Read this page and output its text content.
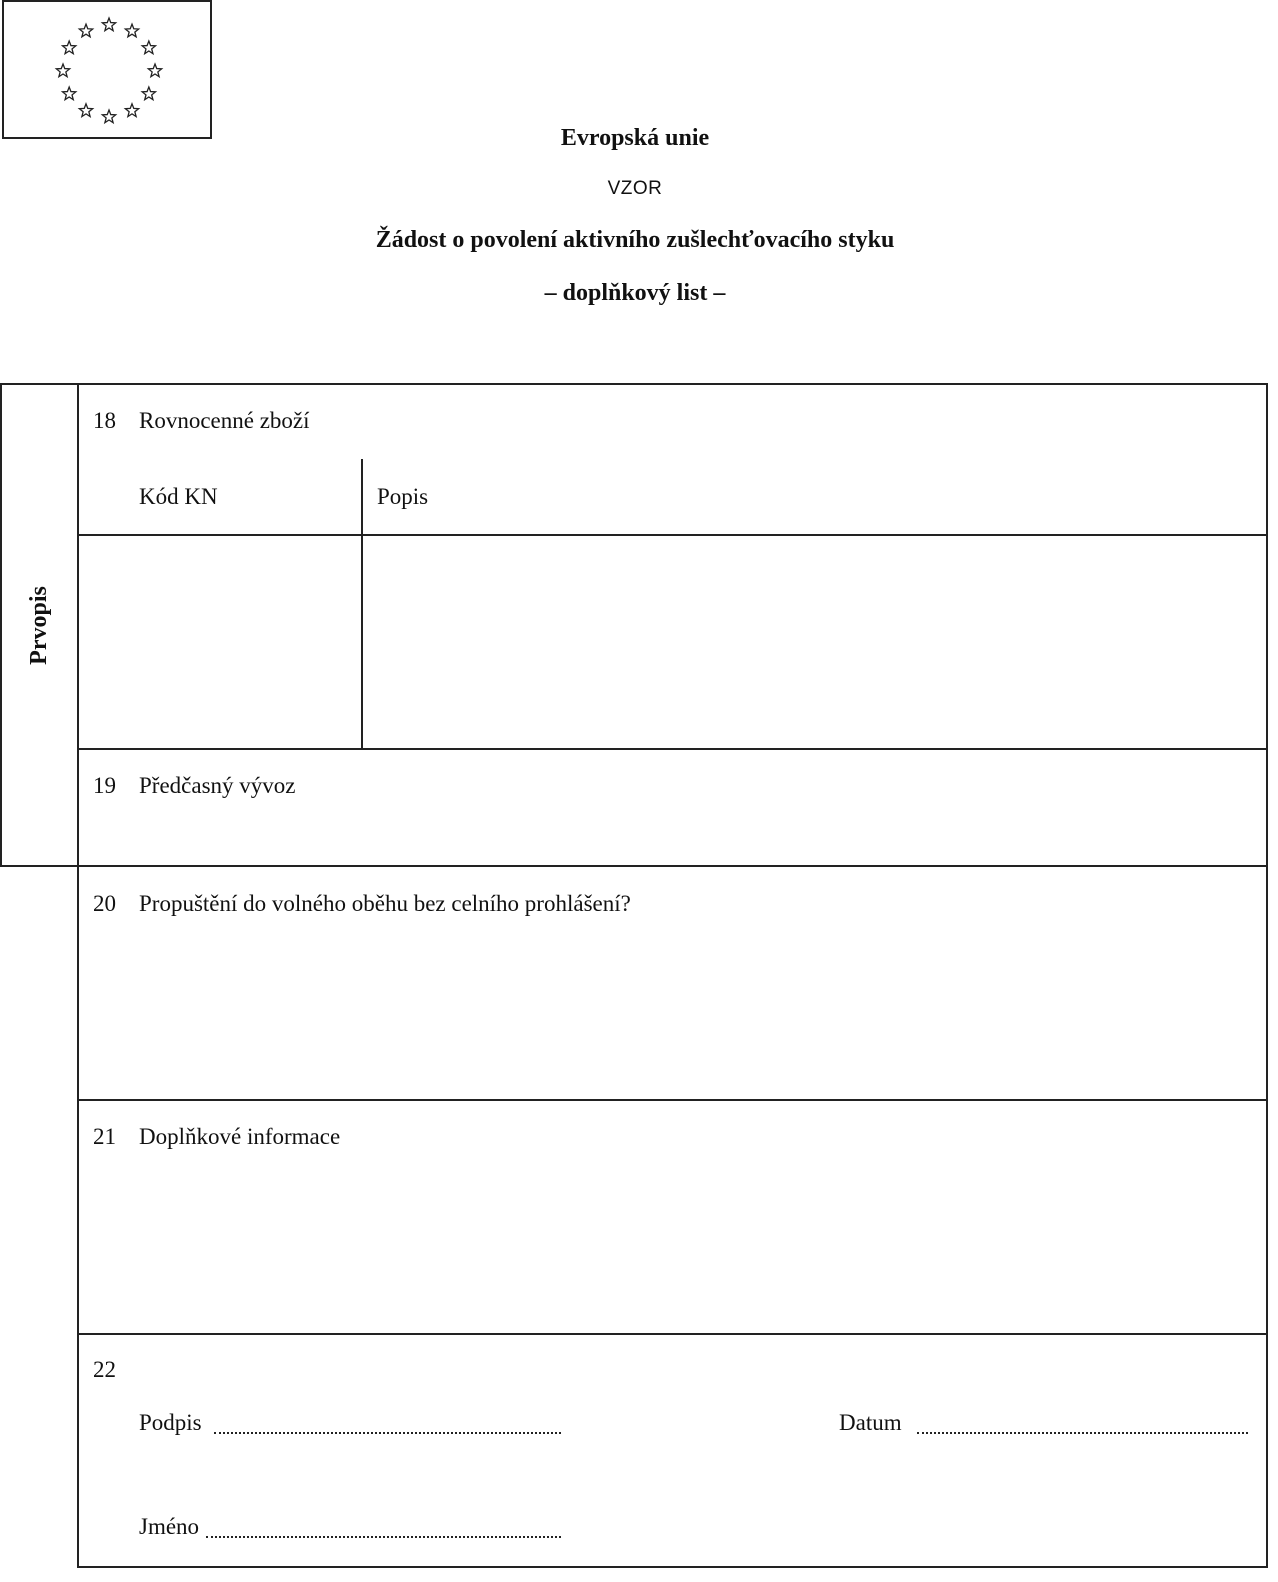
Evropská unie
VZOR
Žádost o povolení aktivního zušlechťovacího styku
– doplňkový list –
Prvopis
18 Rovnocenné zboží
Kód KN	Popis
19 Předčasný vývoz
20 Propuštění do volného oběhu bez celního prohlášení?
21 Doplňkové informace
22
Podpis	Datum
Jméno
